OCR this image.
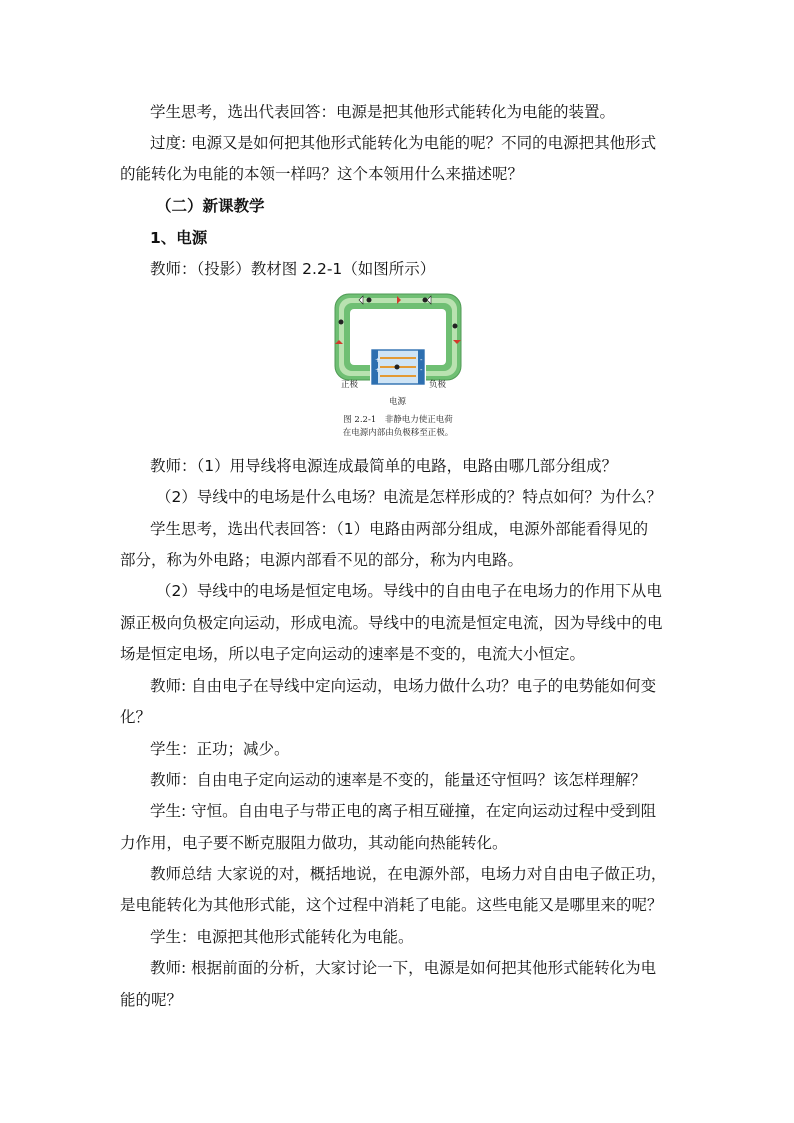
学生思考，选出代表回答：电源是把其他形式能转化为电能的装置。
过度: 电源又是如何把其他形式能转化为电能的呢？不同的电源把其他形式
的能转化为电能的本领一样吗？这个本领用什么来描述呢？
（二）新课教学
1、电源
教师：（投影）教材图 2.2-1（如图所示）
+
+
-
-
正极	负极
电源
图 2.2-1　非静电力使正电荷
在电源内部由负极移至正极。
教师：（1）用导线将电源连成最简单的电路，电路由哪几部分组成？
（2）导线中的电场是什么电场？电流是怎样形成的？特点如何？为什么？
学生思考，选出代表回答：（1）电路由两部分组成，电源外部能看得见的
部分，称为外电路；电源内部看不见的部分，称为内电路。
（2）导线中的电场是恒定电场。导线中的自由电子在电场力的作用下从电
源正极向负极定向运动，形成电流。导线中的电流是恒定电流，因为导线中的电
场是恒定电场，所以电子定向运动的速率是不变的，电流大小恒定。
教师: 自由电子在导线中定向运动，电场力做什么功？电子的电势能如何变
化？
学生：正功；减少。
教师：自由电子定向运动的速率是不变的，能量还守恒吗？该怎样理解？
学生: 守恒。自由电子与带正电的离子相互碰撞，在定向运动过程中受到阻
力作用，电子要不断克服阻力做功，其动能向热能转化。
教师总结 大家说的对，概括地说，在电源外部，电场力对自由电子做正功，
是电能转化为其他形式能，这个过程中消耗了电能。这些电能又是哪里来的呢？
学生：电源把其他形式能转化为电能。
教师: 根据前面的分析，大家讨论一下，电源是如何把其他形式能转化为电
能的呢？
